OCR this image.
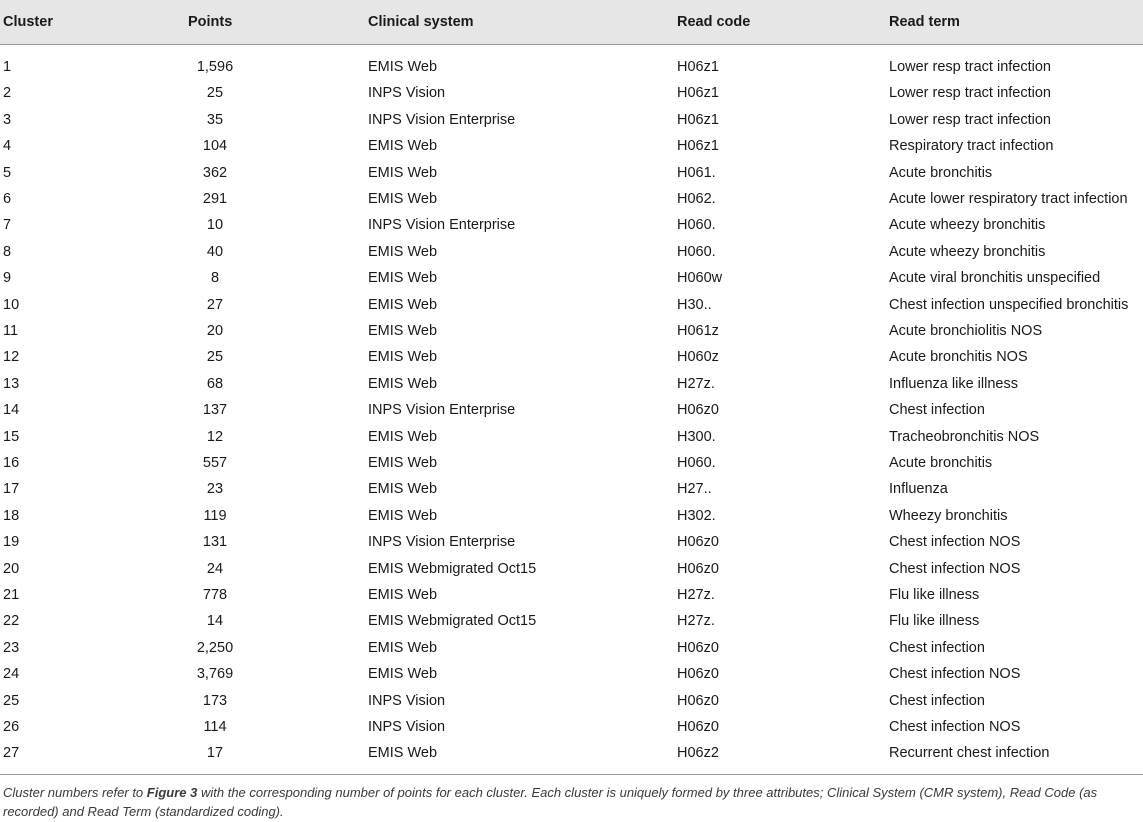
Cluster	Points	Clinical system	Read code	Read term
1	1,596	EMIS Web	H06z1	Lower resp tract infection
2	25	INPS Vision	H06z1	Lower resp tract infection
3	35	INPS Vision Enterprise	H06z1	Lower resp tract infection
4	104	EMIS Web	H06z1	Respiratory tract infection
5	362	EMIS Web	H061.	Acute bronchitis
6	291	EMIS Web	H062.	Acute lower respiratory tract infection
7	10	INPS Vision Enterprise	H060.	Acute wheezy bronchitis
8	40	EMIS Web	H060.	Acute wheezy bronchitis
9	8	EMIS Web	H060w	Acute viral bronchitis unspecified
10	27	EMIS Web	H30..	Chest infection unspecified bronchitis
11	20	EMIS Web	H061z	Acute bronchiolitis NOS
12	25	EMIS Web	H060z	Acute bronchitis NOS
13	68	EMIS Web	H27z.	Influenza like illness
14	137	INPS Vision Enterprise	H06z0	Chest infection
15	12	EMIS Web	H300.	Tracheobronchitis NOS
16	557	EMIS Web	H060.	Acute bronchitis
17	23	EMIS Web	H27..	Influenza
18	119	EMIS Web	H302.	Wheezy bronchitis
19	131	INPS Vision Enterprise	H06z0	Chest infection NOS
20	24	EMIS Webmigrated Oct15	H06z0	Chest infection NOS
21	778	EMIS Web	H27z.	Flu like illness
22	14	EMIS Webmigrated Oct15	H27z.	Flu like illness
23	2,250	EMIS Web	H06z0	Chest infection
24	3,769	EMIS Web	H06z0	Chest infection NOS
25	173	INPS Vision	H06z0	Chest infection
26	114	INPS Vision	H06z0	Chest infection NOS
27	17	EMIS Web	H06z2	Recurrent chest infection
Cluster numbers refer to Figure 3 with the corresponding number of points for each cluster. Each cluster is uniquely formed by three attributes; Clinical System (CMR system), Read Code (as recorded) and Read Term (standardized coding).
